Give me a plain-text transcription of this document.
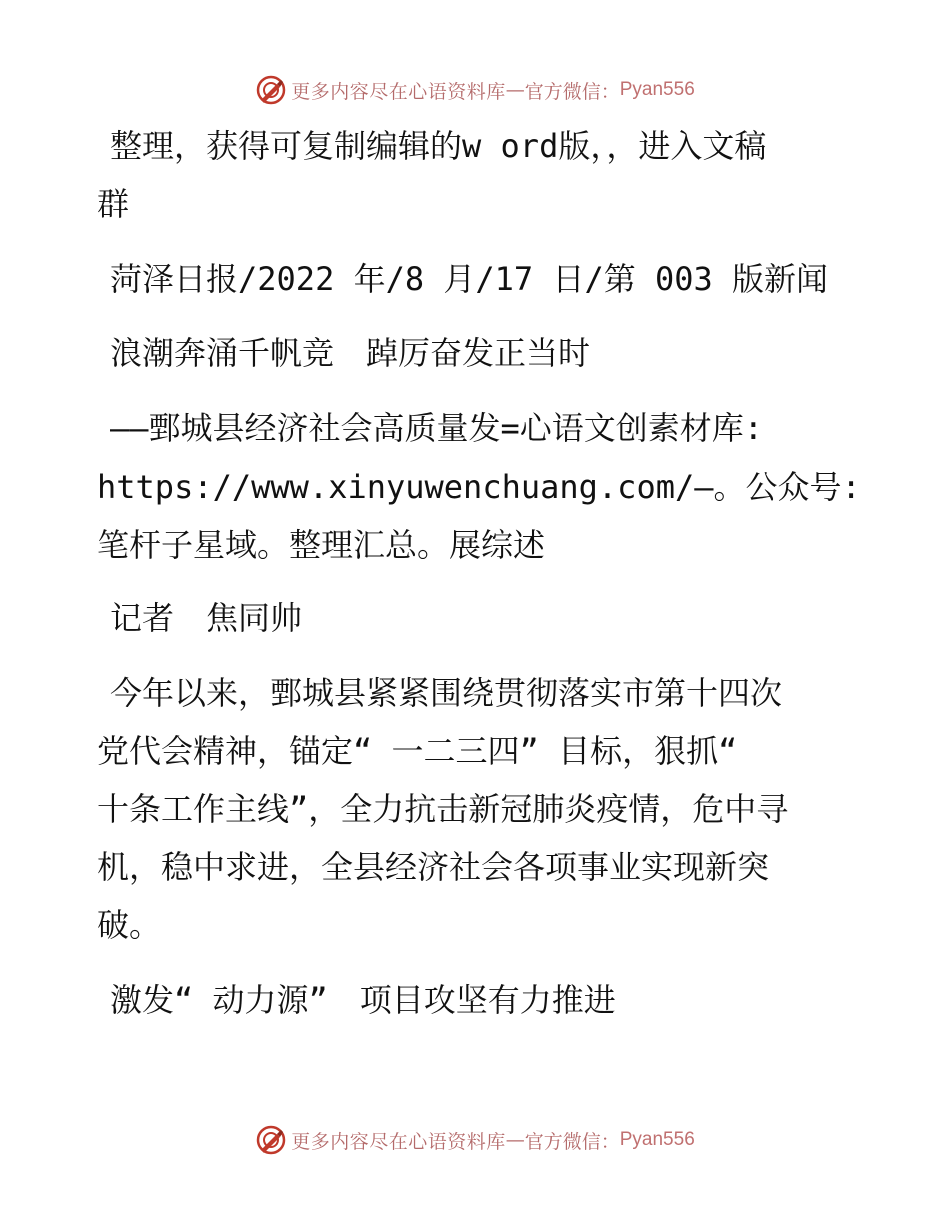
更多内容尽在心语资料库 — 官方微信： Pyan556
整理，获得可复制编辑的w ord版，，进入文稿
群
菏泽日报/2022 年/8 月/17 日/第 003 版新闻
浪潮奔涌千帆竞　踔厉奋发正当时
——鄄城县经济社会高质量发=心语文创素材库:
https://www.xinyuwenchuang.com/—。公众号:
笔杆子星域。整理汇总。展综述
记者　焦同帅
今年以来，鄄城县紧紧围绕贯彻落实市第十四次
党代会精神，锚定“ 一二三四” 目标，狠抓“
十条工作主线”，全力抗击新冠肺炎疫情，危中寻
机，稳中求进，全县经济社会各项事业实现新突
破。
激发“ 动力源”　项目攻坚有力推进
更多内容尽在心语资料库 — 官方微信： Pyan556
